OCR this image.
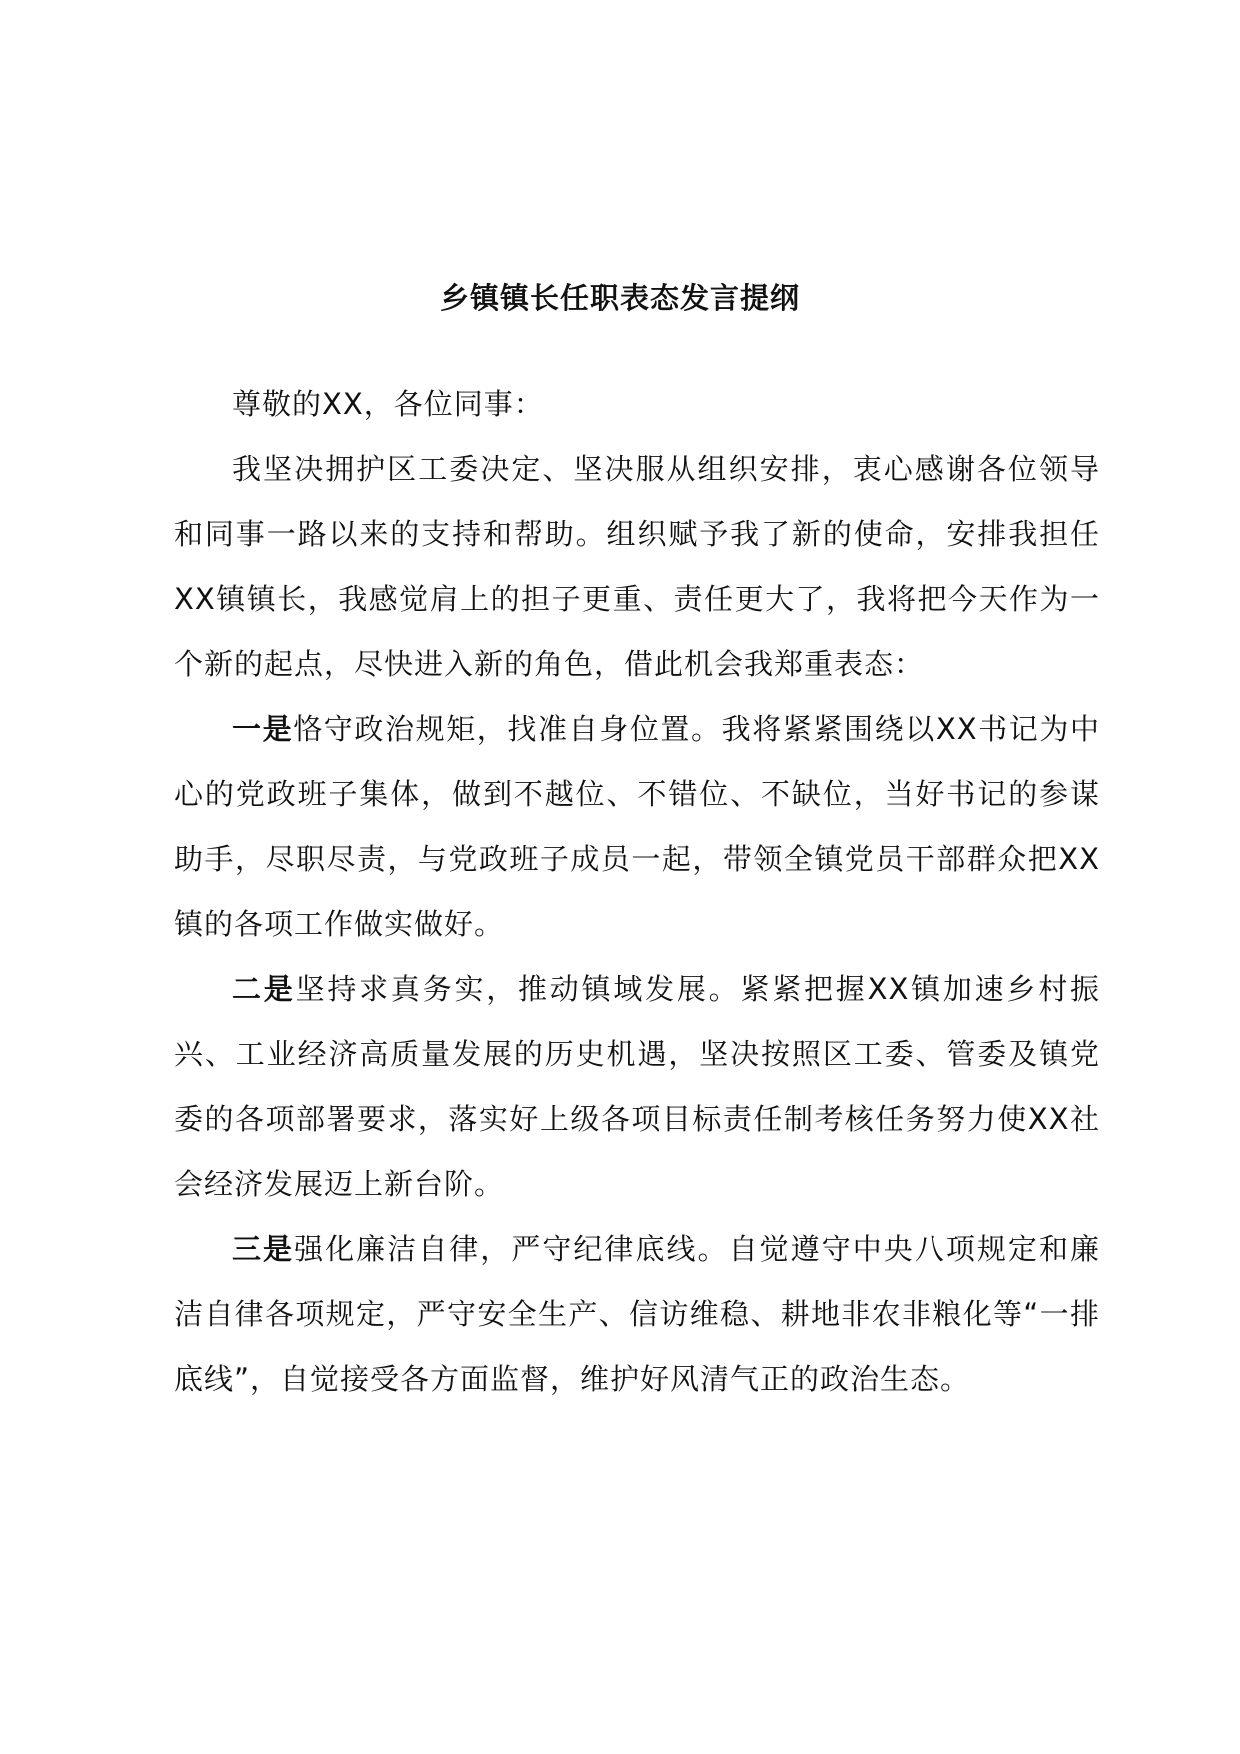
乡镇镇长任职表态发言提纲

尊敬的XX，各位同事：

我坚决拥护区工委决定、坚决服从组织安排，衷心感谢各位领导和同事一路以来的支持和帮助。组织赋予我了新的使命，安排我担任XX镇镇长，我感觉肩上的担子更重、责任更大了，我将把今天作为一个新的起点，尽快进入新的角色，借此机会我郑重表态：

一是恪守政治规矩，找准自身位置。我将紧紧围绕以XX书记为中心的党政班子集体，做到不越位、不错位、不缺位，当好书记的参谋助手，尽职尽责，与党政班子成员一起，带领全镇党员干部群众把XX镇的各项工作做实做好。

二是坚持求真务实，推动镇域发展。紧紧把握XX镇加速乡村振兴、工业经济高质量发展的历史机遇，坚决按照区工委、管委及镇党委的各项部署要求，落实好上级各项目标责任制考核任务努力使XX社会经济发展迈上新台阶。

三是强化廉洁自律，严守纪律底线。自觉遵守中央八项规定和廉洁自律各项规定，严守安全生产、信访维稳、耕地非农非粮化等“一排底线”，自觉接受各方面监督，维护好风清气正的政治生态。
